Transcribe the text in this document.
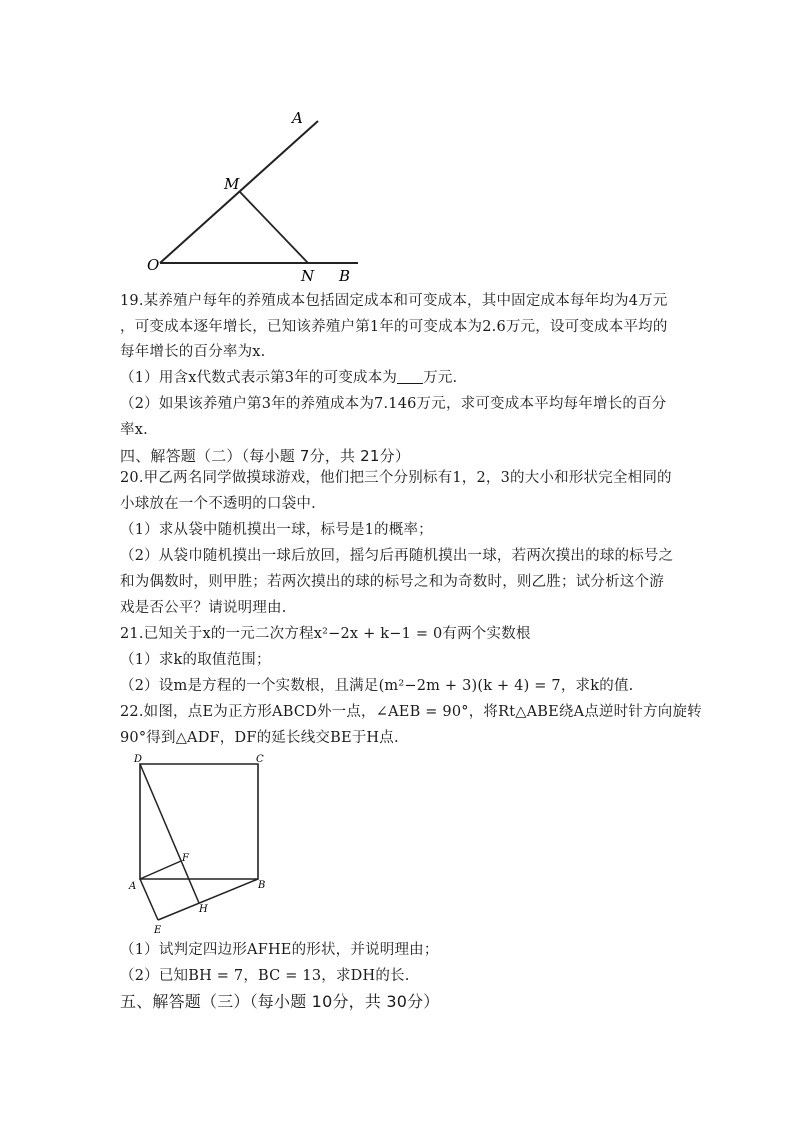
A
M
O
N B
19.某养殖户每年的养殖成本包括固定成本和可变成本，其中固定成本每年均为4万元
，可变成本逐年增长，已知该养殖户第1年的可变成本为2.6万元，设可变成本平均的
每年增长的百分率为x.
（1）用含x代数式表示第3年的可变成本为 万元.
（2）如果该养殖户第3年的养殖成本为7.146万元，求可变成本平均每年增长的百分
率x.
四、解答题（二）（每小题 7分，共 21分）
20.甲乙两名同学做摸球游戏，他们把三个分别标有1，2，3的大小和形状完全相同的
小球放在一个不透明的口袋中.
（1）求从袋中随机摸出一球，标号是1的概率；
（2）从袋巾随机摸出一球后放回，摇匀后再随机摸出一球，若两次摸出的球的标号之
和为偶数时，则甲胜；若两次摸出的球的标号之和为奇数时，则乙胜；试分析这个游
戏是否公平？请说明理由.
21.已知关于x的一元二次方程x²−2x + k−1 = 0有两个实数根
（1）求k的取值范围；
（2）设m是方程的一个实数根，且满足(m²−2m + 3)(k + 4) = 7，求k的值.
22.如图，点E为正方形ABCD外一点，∠AEB = 90°，将Rt△ABE绕A点逆时针方向旋转
90°得到△ADF，DF的延长线交BE于H点.
D	C
F
A	B
H
E
（1）试判定四边形AFHE的形状，并说明理由；
（2）已知BH = 7，BC = 13，求DH的长.
五、解答题（三）（每小题 10分，共 30分）
